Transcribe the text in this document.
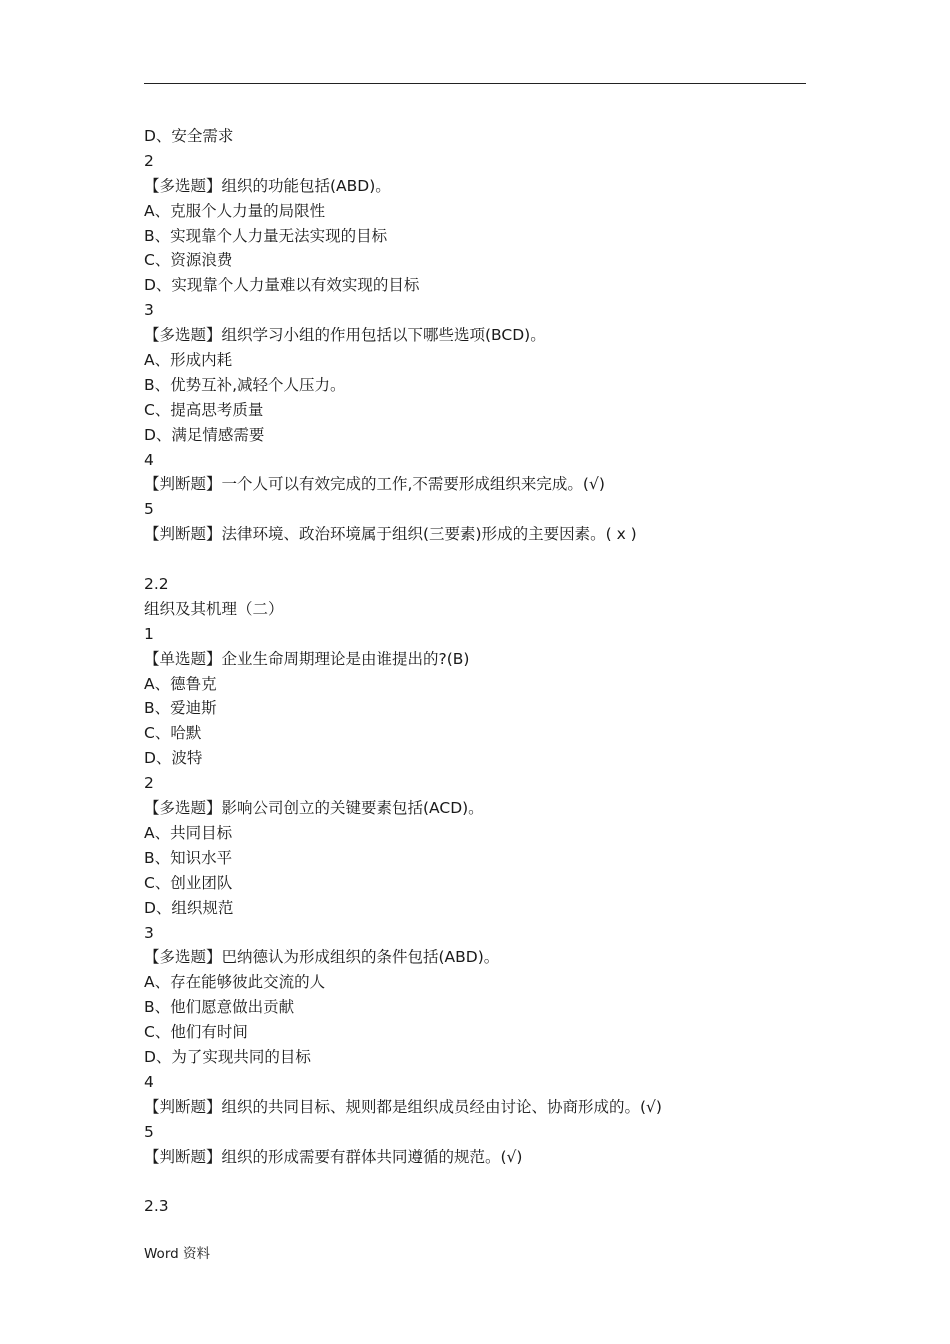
D、安全需求
2
【多选题】组织的功能包括(ABD)。
A、克服个人力量的局限性
B、实现靠个人力量无法实现的目标
C、资源浪费
D、实现靠个人力量难以有效实现的目标
3
【多选题】组织学习小组的作用包括以下哪些选项(BCD)。
A、形成内耗
B、优势互补,减轻个人压力。
C、提高思考质量
D、满足情感需要
4
【判断题】一个人可以有效完成的工作,不需要形成组织来完成。(√)
5
【判断题】法律环境、政治环境属于组织(三要素)形成的主要因素。( x )
2.2
组织及其机理（二）
1
【单选题】企业生命周期理论是由谁提出的?(B)
A、德鲁克
B、爱迪斯
C、哈默
D、波特
2
【多选题】影响公司创立的关键要素包括(ACD)。
A、共同目标
B、知识水平
C、创业团队
D、组织规范
3
【多选题】巴纳德认为形成组织的条件包括(ABD)。
A、存在能够彼此交流的人
B、他们愿意做出贡献
C、他们有时间
D、为了实现共同的目标
4
【判断题】组织的共同目标、规则都是组织成员经由讨论、协商形成的。(√)
5
【判断题】组织的形成需要有群体共同遵循的规范。(√)
2.3
Word 资料
